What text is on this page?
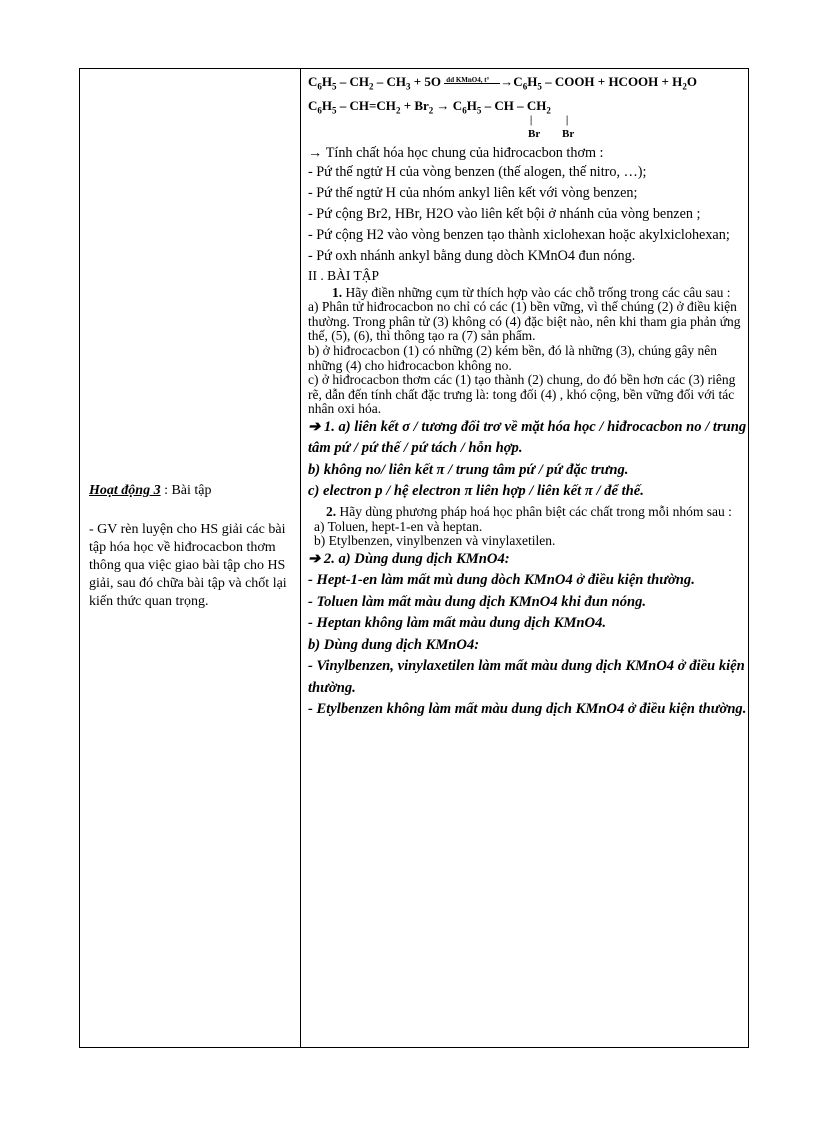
Hoạt động 3 : Bài tập

- GV rèn luyện cho HS giải các bài tập hóa học về hiđrocacbon thơm thông qua việc giao bài tập cho HS giải, sau đó chữa bài tập và chốt lại kiến thức quan trọng.

$C_6H_5 - CH_2 - CH_3 + 5O$ dd KMnO4, $t^\circ \to C_6H_5$ – COOH + HCOOH + $H_2O$
$C_6H_5 - CH=CH_2 + Br_2 \to C_6H_5$ – CH – $CH_2$
|	|
Br Br

→ Tính chất hóa học chung của hiđrocacbon thơm :

- Pứ thế ngtử H của vòng benzen (thế alogen, thế nitro, …);

- Pứ thế ngtử H của nhóm ankyl liên kết với vòng benzen;

- Pứ cộng Br2, HBr, H2O vào liên kết bội ở nhánh của vòng benzen ;

- Pứ cộng H2 vào vòng benzen tạo thành xiclohexan hoặc akylxiclohexan;

- Pứ oxh nhánh ankyl bằng dung dòch KMnO4 đun nóng.

II . BÀI TẬP

1. Hãy điền những cụm từ thích hợp vào các chỗ trống trong các câu sau :

a) Phân tử hiđrocacbon no chỉ có các (1) bền vững, vì thế chúng (2) ở điều kiện thường. Trong phân tử (3) không có (4) đặc biệt nào, nên khi tham gia phản ứng thế, (5), (6), thì thông tạo ra (7) sản phẩm.

b) ở hiđrocacbon (1) có những (2) kém bền, đó là những (3), chúng gây nên những (4) cho hiđrocacbon không no.

c) ở hiđrocacbon thơm các (1) tạo thành (2) chung, do đó bền hơn các (3) riêng rẽ, dẫn đến tính chất đặc trưng là: tong đối (4) , khó cộng, bền vững đối với tác nhân oxi hóa.

➔ 1. a) liên kết σ / tương đối trơ về mặt hóa học / hiđrocacbon no / trung tâm pứ / pứ thế / pứ tách / hỗn hợp.

b) không no/ liên kết π / trung tâm pứ / pứ đặc trưng.

c) electron p / hệ electron π liên hợp / liên kết π / để thế.

2. Hãy dùng phương pháp hoá học phân biệt các chất trong mỗi nhóm sau :

a) Toluen, hept-1-en và heptan.

b) Etylbenzen, vinylbenzen và vinylaxetilen.

➔ 2. a) Dùng dung dịch KMnO4:

- Hept-1-en làm mất mù dung dòch KMnO4 ở điều kiện thường.

- Toluen làm mất màu dung dịch KMnO4 khi đun nóng.

- Heptan không làm mất màu dung dịch KMnO4.

b) Dùng dung dịch KMnO4:

- Vinylbenzen, vinylaxetilen làm mất màu dung dịch KMnO4 ở điều kiện thường.

- Etylbenzen không làm mất màu dung dịch KMnO4 ở điều kiện thường.
